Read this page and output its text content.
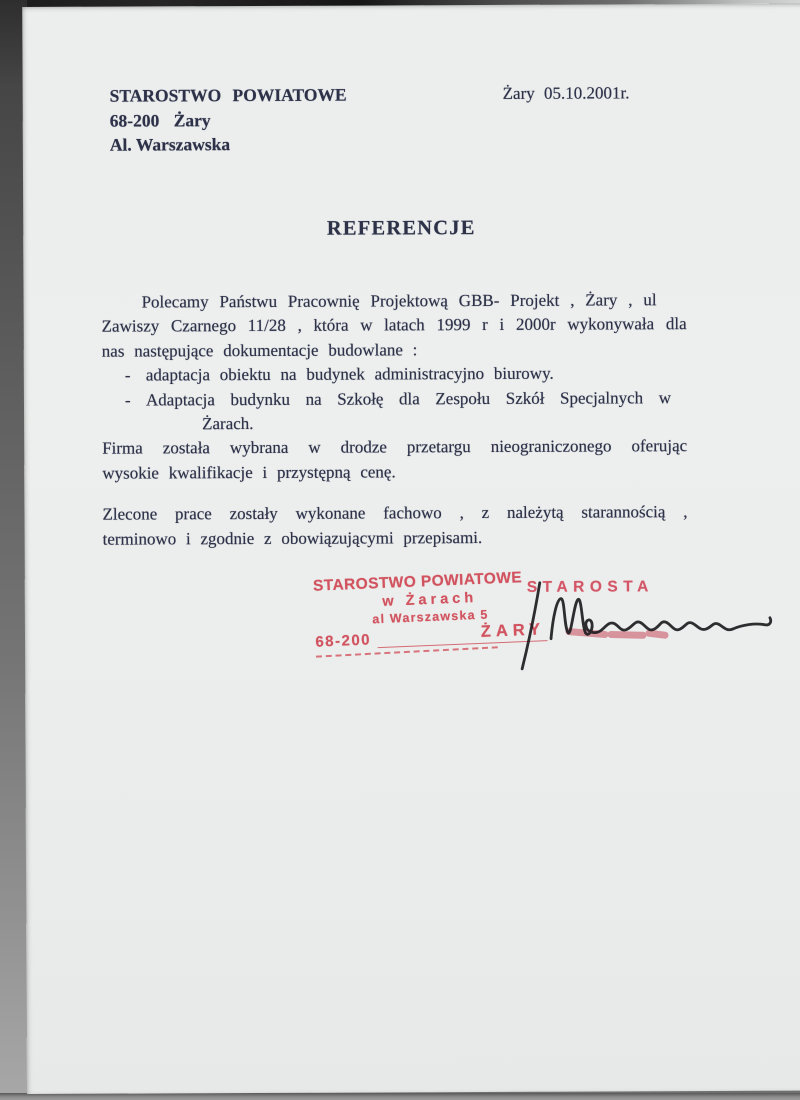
STAROSTWO POWIATOWE
68-200 Żary
Al. Warszawska
Żary 05.10.2001r.
REFERENCJE
Polecamy Państwu Pracownię Projektową GBB- Projekt , Żary , ul
Zawiszy Czarnego 11/28 , która w latach 1999 r i 2000r wykonywała dla
nas następujące dokumentacje budowlane :
- adaptacja obiektu na budynek administracyjno biurowy.
- Adaptacja budynku na Szkołę dla Zespołu Szkół Specjalnych w
Żarach.
Firma została wybrana w drodze przetargu nieograniczonego oferując
wysokie kwalifikacje i przystępną cenę.
Zlecone prace zostały wykonane fachowo , z należytą starannością ,
terminowo i zgodnie z obowiązującymi przepisami.
STAROSTWO POWIATOWE
w Żarach
al Warszawska 5
68-200
ŻARY
STAROSTA
